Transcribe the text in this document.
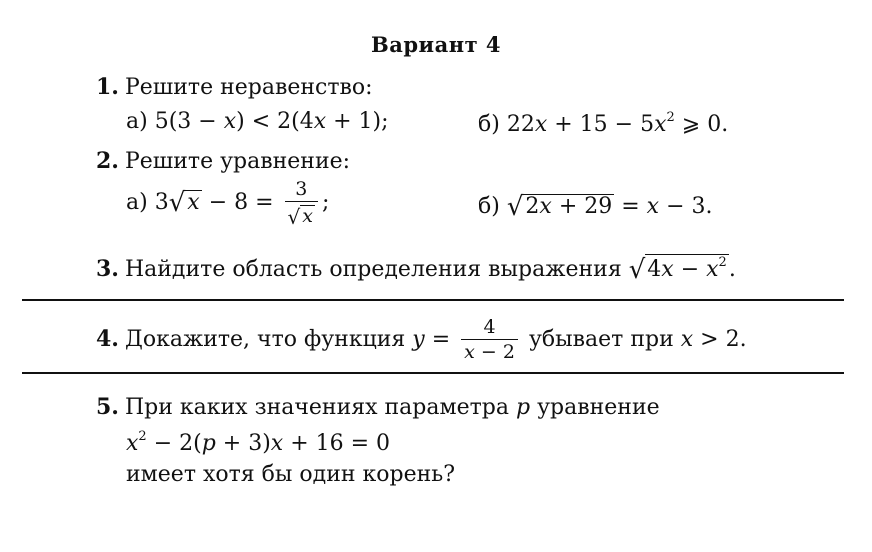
Вариант 4
1. Решите неравенство:
а) 5(3 − x) < 2(4x + 1);	б) $22x + 15 - 5x^2$ ⩾ 0.
2. Решите уравнение:
а) $3√x - 8 = \frac{3}{√ x}$ ;	б) √2x + 29 = x − 3.
3. Найдите область определения выражения $√4x - x^2$.
4. Докажите, что функция $y = \frac{4}{x - 2}$ убывает при x > 2.
5. При каких значениях параметра p уравнение
$x^2 - 2(p + 3)x + 16 = 0$
имеет хотя бы один корень?
